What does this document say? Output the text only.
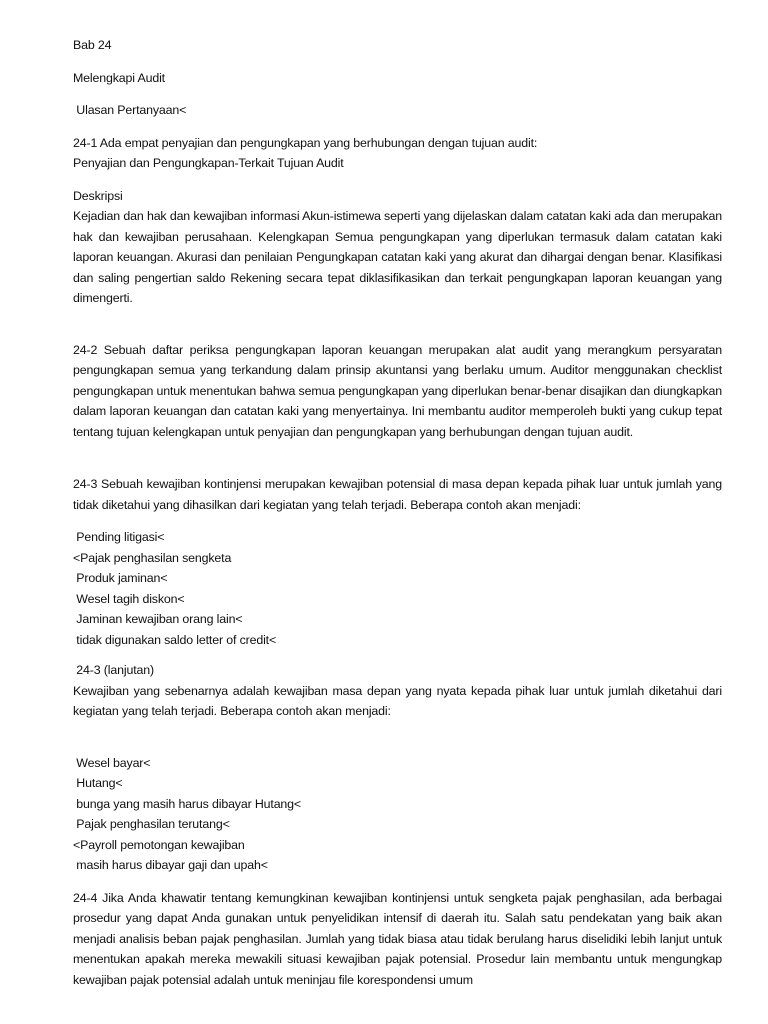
Bab 24

Melengkapi Audit

Ulasan Pertanyaan<

24-1 Ada empat penyajian dan pengungkapan yang berhubungan dengan tujuan audit:

Penyajian dan Pengungkapan-Terkait Tujuan Audit

Deskripsi

Kejadian dan hak dan kewajiban informasi Akun-istimewa seperti yang dijelaskan dalam catatan kaki ada dan merupakan hak dan kewajiban perusahaan. Kelengkapan Semua pengungkapan yang diperlukan termasuk dalam catatan kaki laporan keuangan. Akurasi dan penilaian Pengungkapan catatan kaki yang akurat dan dihargai dengan benar. Klasifikasi dan saling pengertian saldo Rekening secara tepat diklasifikasikan dan terkait pengungkapan laporan keuangan yang dimengerti.

24-2 Sebuah daftar periksa pengungkapan laporan keuangan merupakan alat audit yang merangkum persyaratan pengungkapan semua yang terkandung dalam prinsip akuntansi yang berlaku umum. Auditor menggunakan checklist pengungkapan untuk menentukan bahwa semua pengungkapan yang diperlukan benar-benar disajikan dan diungkapkan dalam laporan keuangan dan catatan kaki yang menyertainya. Ini membantu auditor memperoleh bukti yang cukup tepat tentang tujuan kelengkapan untuk penyajian dan pengungkapan yang berhubungan dengan tujuan audit.

24-3 Sebuah kewajiban kontinjensi merupakan kewajiban potensial di masa depan kepada pihak luar untuk jumlah yang tidak diketahui yang dihasilkan dari kegiatan yang telah terjadi. Beberapa contoh akan menjadi:

Pending litigasi<

<Pajak penghasilan sengketa

Produk jaminan<

Wesel tagih diskon<

Jaminan kewajiban orang lain<

tidak digunakan saldo letter of credit<

24-3 (lanjutan)

Kewajiban yang sebenarnya adalah kewajiban masa depan yang nyata kepada pihak luar untuk jumlah diketahui dari kegiatan yang telah terjadi. Beberapa contoh akan menjadi:

Wesel bayar<

Hutang<

bunga yang masih harus dibayar Hutang<

Pajak penghasilan terutang<

<Payroll pemotongan kewajiban

masih harus dibayar gaji dan upah<

24-4 Jika Anda khawatir tentang kemungkinan kewajiban kontinjensi untuk sengketa pajak penghasilan, ada berbagai prosedur yang dapat Anda gunakan untuk penyelidikan intensif di daerah itu. Salah satu pendekatan yang baik akan menjadi analisis beban pajak penghasilan. Jumlah yang tidak biasa atau tidak berulang harus diselidiki lebih lanjut untuk menentukan apakah mereka mewakili situasi kewajiban pajak potensial. Prosedur lain membantu untuk mengungkap kewajiban pajak potensial adalah untuk meninjau file korespondensi umum
